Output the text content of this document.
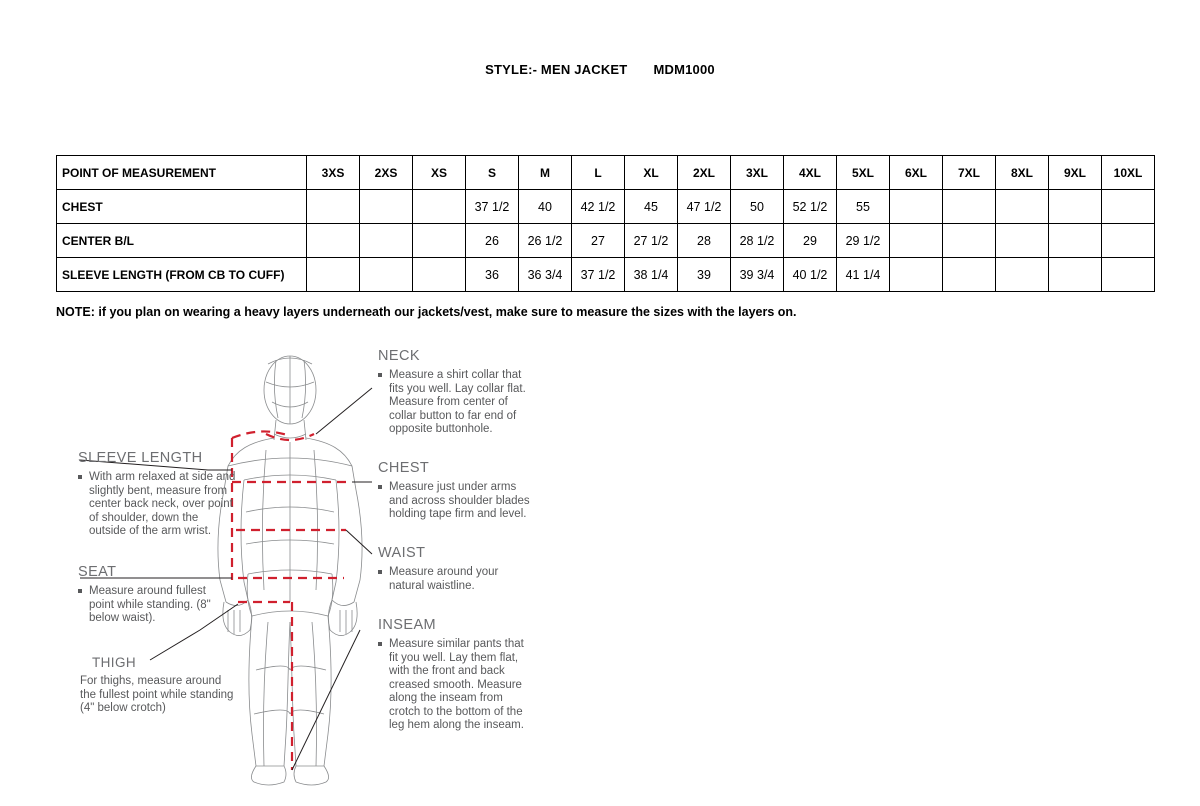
STYLE:- MEN JACKET MDM1000
POINT OF MEASUREMENT	3XS	2XS	XS	S	M	L	XL	2XL	3XL	4XL	5XL	6XL	7XL	8XL	9XL	10XL
CHEST				37 1/2	40	42 1/2	45	47 1/2	50	52 1/2	55					
CENTER B/L				26	26 1/2	27	27 1/2	28	28 1/2	29	29 1/2					
SLEEVE LENGTH (FROM CB TO CUFF)				36	36 3/4	37 1/2	38 1/4	39	39 3/4	40 1/2	41 1/4					
NOTE: if you plan on wearing a heavy layers underneath our jackets/vest, make sure to measure the sizes with the layers on.
NECK
Measure a shirt collar that fits you well. Lay collar flat. Measure from center of collar button to far end of opposite buttonhole.
CHEST
Measure just under arms and across shoulder blades holding tape firm and level.
WAIST
Measure around your natural waistline.
INSEAM
Measure similar pants that fit you well. Lay them flat, with the front and back creased smooth. Measure along the inseam from crotch to the bottom of the leg hem along the inseam.
SLEEVE LENGTH
With arm relaxed at side and slightly bent, measure from center back neck, over point of shoulder, down the outside of the arm wrist.
SEAT
Measure around fullest point while standing. (8" below waist).
THIGH
For thighs, measure around the fullest point while standing (4" below crotch)
